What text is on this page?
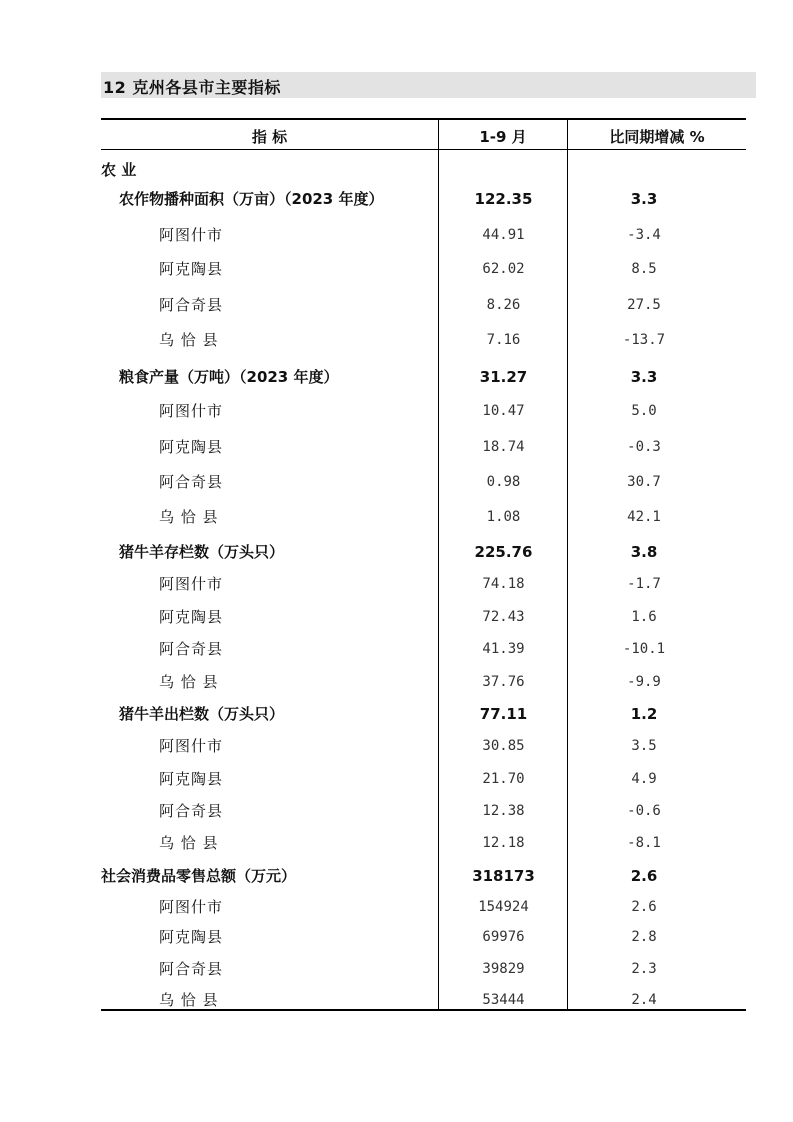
12 克州各县市主要指标
指 标	1-9 月	比同期增减 %
农 业
农作物播种面积（万亩）（2023 年度）	122.35	3.3
阿图什市	44.91	-3.4
阿克陶县	62.02	8.5
阿合奇县	8.26	27.5
乌 恰 县	7.16	-13.7
粮食产量（万吨）（2023 年度）	31.27	3.3
阿图什市	10.47	5.0
阿克陶县	18.74	-0.3
阿合奇县	0.98	30.7
乌 恰 县	1.08	42.1
猪牛羊存栏数（万头只）	225.76	3.8
阿图什市	74.18	-1.7
阿克陶县	72.43	1.6
阿合奇县	41.39	-10.1
乌 恰 县	37.76	-9.9
猪牛羊出栏数（万头只）	77.11	1.2
阿图什市	30.85	3.5
阿克陶县	21.70	4.9
阿合奇县	12.38	-0.6
乌 恰 县	12.18	-8.1
社会消费品零售总额（万元）	318173	2.6
阿图什市	154924	2.6
阿克陶县	69976	2.8
阿合奇县	39829	2.3
乌 恰 县	53444	2.4
